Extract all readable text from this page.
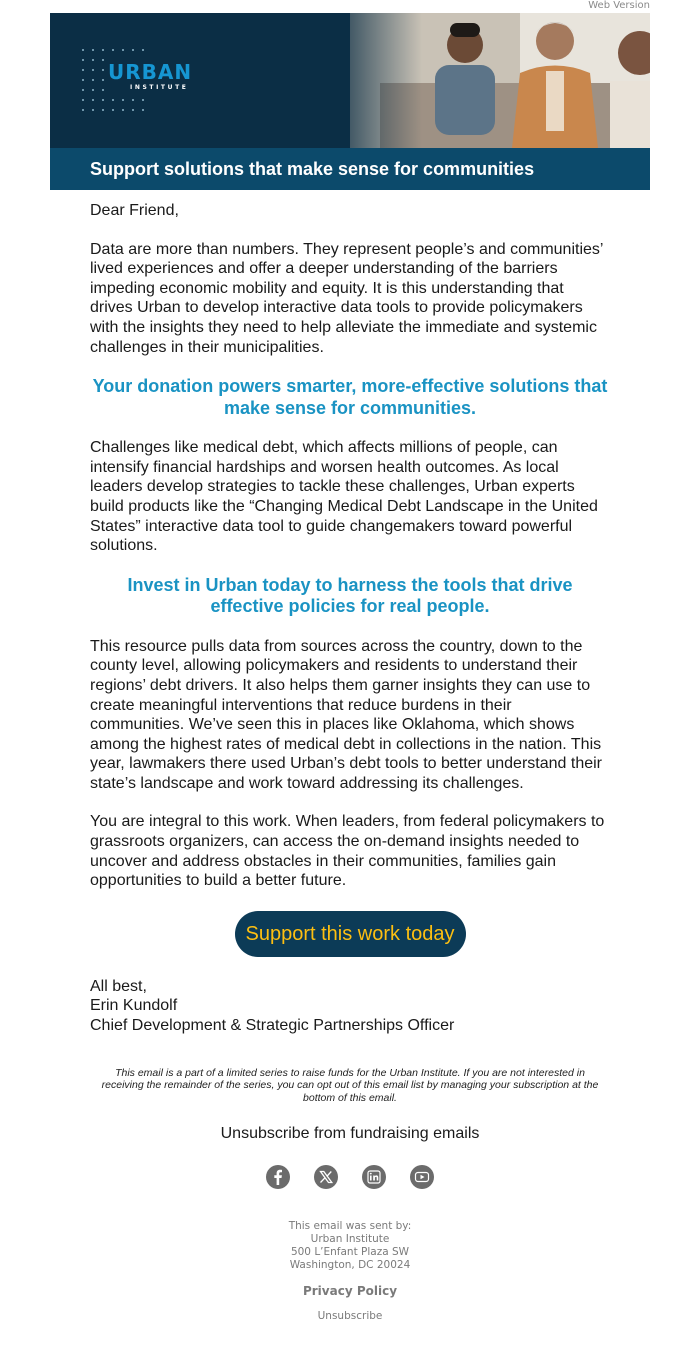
Web Version
URBAN
INSTITUTE
Support solutions that make sense for communities
Dear Friend,

Data are more than numbers. They represent people’s and communities’ lived experiences and offer a deeper understanding of the barriers impeding economic mobility and equity. It is this understanding that drives Urban to develop interactive data tools to provide policymakers with the insights they need to help alleviate the immediate and systemic challenges in their municipalities.

Your donation powers smarter, more-effective solutions that make sense for communities.

Challenges like medical debt, which affects millions of people, can intensify financial hardships and worsen health outcomes. As local leaders develop strategies to tackle these challenges, Urban experts build products like the “Changing Medical Debt Landscape in the United States” interactive data tool to guide changemakers toward powerful solutions.

Invest in Urban today to harness the tools that drive effective policies for real people.

This resource pulls data from sources across the country, down to the county level, allowing policymakers and residents to understand their regions’ debt drivers. It also helps them garner insights they can use to create meaningful interventions that reduce burdens in their communities. We’ve seen this in places like Oklahoma, which shows among the highest rates of medical debt in collections in the nation. This year, lawmakers there used Urban’s debt tools to better understand their state’s landscape and work toward addressing its challenges.

You are integral to this work. When leaders, from federal policymakers to grassroots organizers, can access the on-demand insights needed to uncover and address obstacles in their communities, families gain opportunities to build a better future.

Support this work today
All best,
Erin Kundolf
Chief Development & Strategic Partnerships Officer

This email is a part of a limited series to raise funds for the Urban Institute. If you are not interested in receiving the remainder of the series, you can opt out of this email list by managing your subscription at the bottom of this email.

Unsubscribe from fundraising emails

This email was sent by:
Urban Institute
500 L’Enfant Plaza SW
Washington, DC 20024
Privacy Policy
Unsubscribe
